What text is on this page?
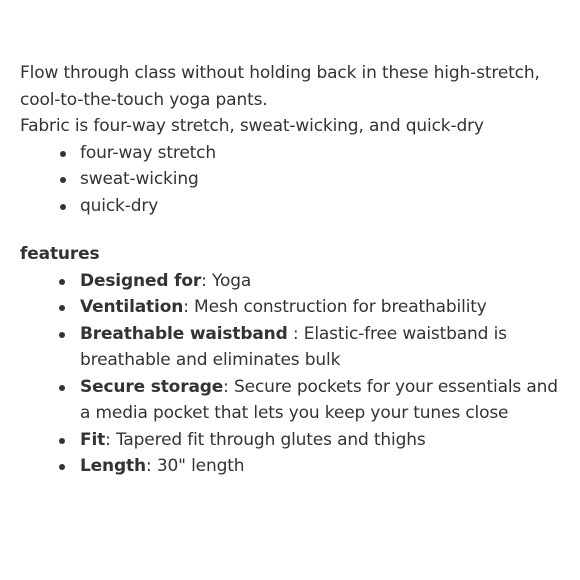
Flow through class without holding back in these high-stretch,
cool-to-the-touch yoga pants.
Fabric is four-way stretch, sweat-wicking, and quick-dry

four-way stretch
sweat-wicking
quick-dry

features

Designed for: Yoga
Ventilation: Mesh construction for breathability
Breathable waistband : Elastic-free waistband is breathable and eliminates bulk
Secure storage: Secure pockets for your essentials and a media pocket that lets you keep your tunes close
Fit: Tapered fit through glutes and thighs
Length: 30" length
